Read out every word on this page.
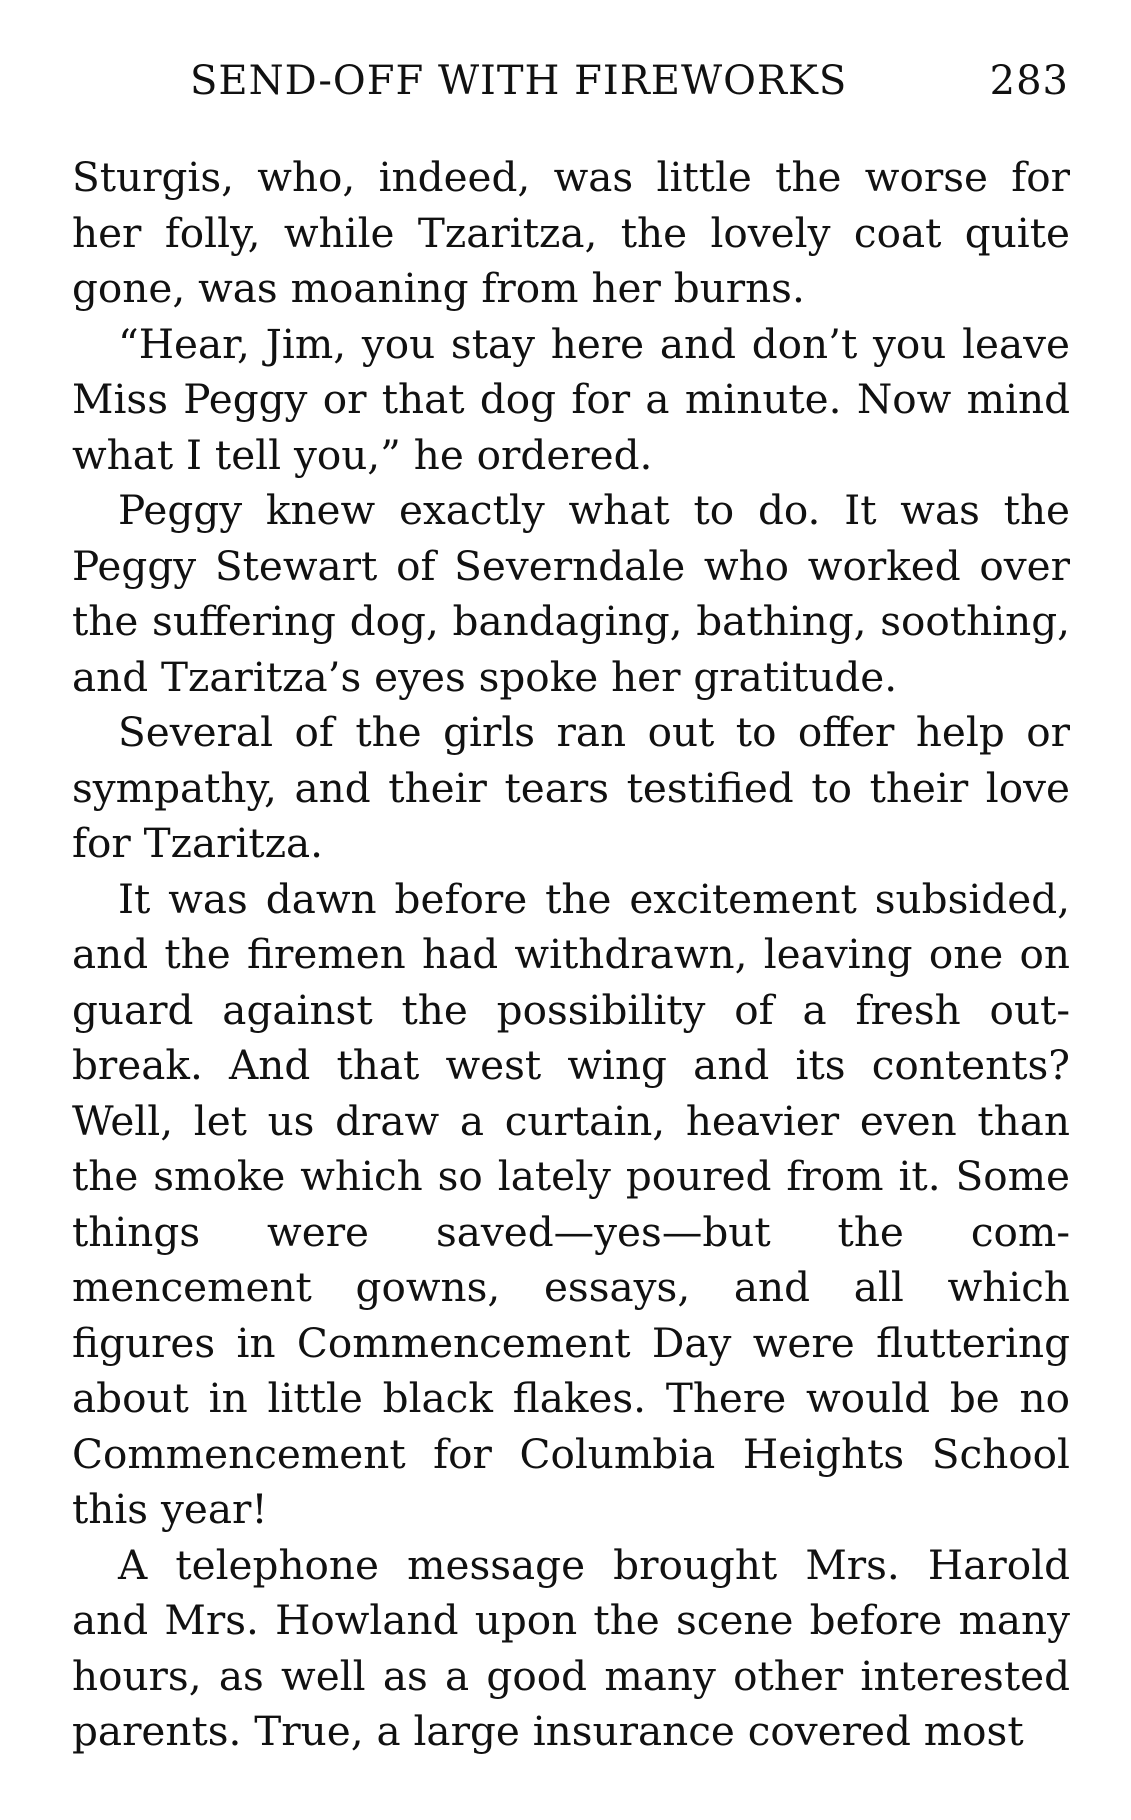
SEND-OFF WITH FIREWORKS	283

Sturgis, who, indeed, was little the worse for her folly, while Tzaritza, the lovely coat quite gone, was moaning from her burns.

“Hear, Jim, you stay here and don’t you leave Miss Peggy or that dog for a minute. Now mind what I tell you,” he ordered.

Peggy knew exactly what to do. It was the Peggy Stewart of Severndale who worked over the suffering dog, bandaging, bathing, soothing, and Tzaritza’s eyes spoke her gratitude.

Several of the girls ran out to offer help or sympathy, and their tears testified to their love for Tzaritza.

It was dawn before the excitement subsided, and the firemen had withdrawn, leaving one on guard against the possibility of a fresh outbreak. And that west wing and its contents? Well, let us draw a curtain, heavier even than the smoke which so lately poured from it. Some things were saved—yes—but the commencement gowns, essays, and all which figures in Commencement Day were fluttering about in little black flakes. There would be no Commencement for Columbia Heights School this year!

A telephone message brought Mrs. Harold and Mrs. Howland upon the scene before many hours, as well as a good many other interested parents. True, a large insurance covered most
